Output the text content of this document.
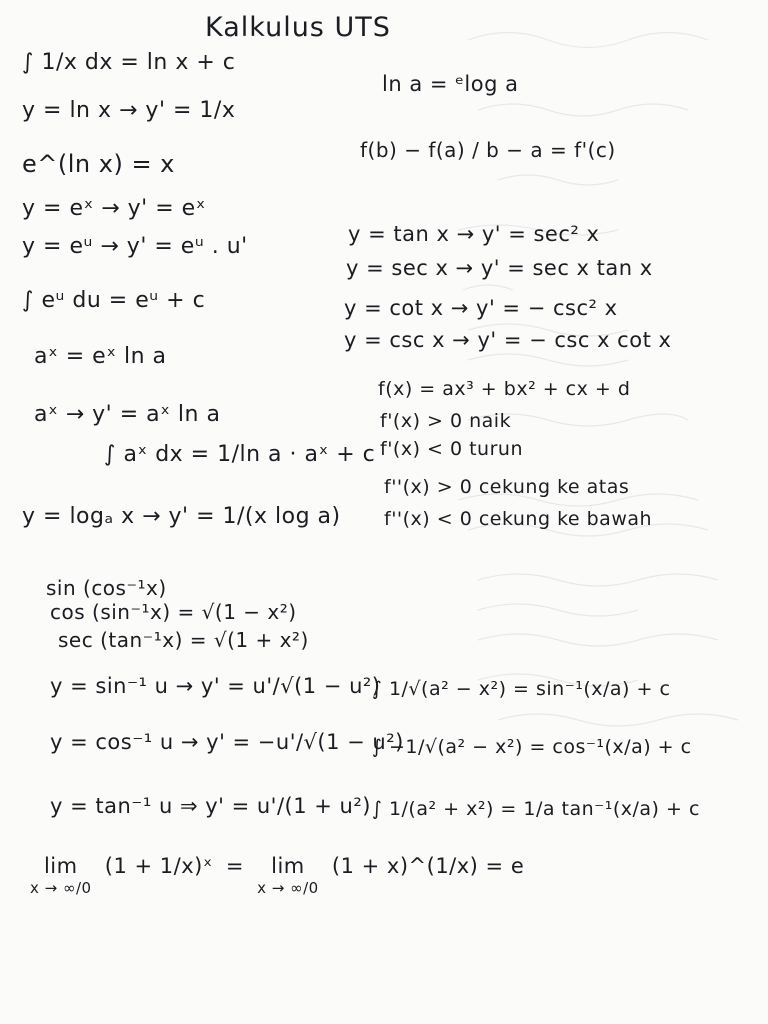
Kalkulus UTS
∫ 1/x dx = ln x + c
y = ln x → y' = 1/x
e^(ln x) = x
y = eˣ → y' = eˣ
y = eᵘ → y' = eᵘ . u'
∫ eᵘ du = eᵘ + c
aˣ = eˣ ln a
aˣ → y' = aˣ ln a
∫ aˣ dx = 1/ln a · aˣ + c
y = logₐ x → y' = 1/(x log a)
sin (cos⁻¹x)
cos (sin⁻¹x) = √(1 − x²)
sec (tan⁻¹x) = √(1 + x²)
y = sin⁻¹ u → y' = u'/√(1 − u²)
y = cos⁻¹ u → y' = −u'/√(1 − u²)
y = tan⁻¹ u ⇒ y' = u'/(1 + u²)
ln a = ᵉlog a
f(b) − f(a) / b − a = f'(c)
y = tan x → y' = sec² x
y = sec x → y' = sec x tan x
y = cot x → y' = − csc² x
y = csc x → y' = − csc x cot x
f(x) = ax³ + bx² + cx + d
f'(x) > 0 naik
f'(x) < 0 turun
f''(x) > 0 cekung ke atas
f''(x) < 0 cekung ke bawah
∫ 1/√(a² − x²) = sin⁻¹(x/a) + c
∫ −1/√(a² − x²) = cos⁻¹(x/a) + c
∫ 1/(a² + x²) = 1/a tan⁻¹(x/a) + c
lim
x → ∞/0
(1 + 1/x)ˣ = lim
x → ∞/0
(1 + x)^(1/x) = e
